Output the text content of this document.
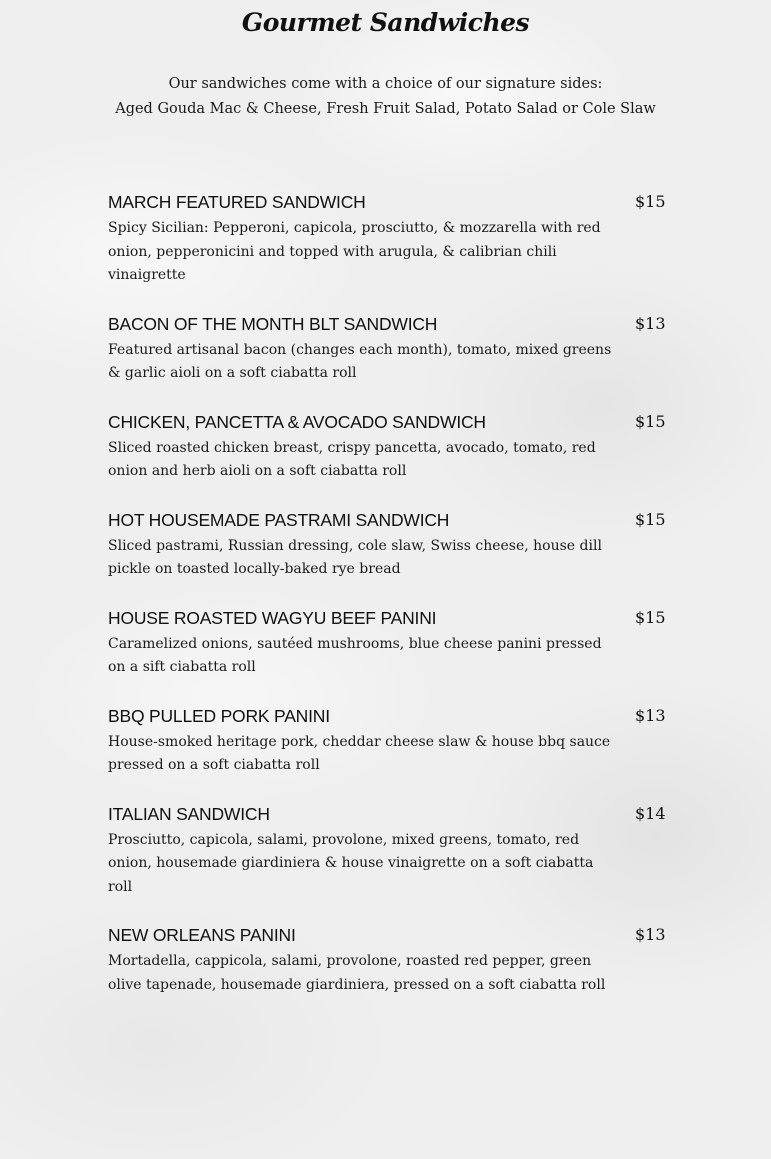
Gourmet Sandwiches
Our sandwiches come with a choice of our signature sides:
Aged Gouda Mac & Cheese, Fresh Fruit Salad, Potato Salad or Cole Slaw
MARCH FEATURED SANDWICH	$15
Spicy Sicilian: Pepperoni, capicola, prosciutto, & mozzarella with red onion, pepperonicini and topped with arugula, & calibrian chili vinaigrette
BACON OF THE MONTH BLT SANDWICH	$13
Featured artisanal bacon (changes each month), tomato, mixed greens & garlic aioli on a soft ciabatta roll
CHICKEN, PANCETTA & AVOCADO SANDWICH	$15
Sliced roasted chicken breast, crispy pancetta, avocado, tomato, red onion and herb aioli on a soft ciabatta roll
HOT HOUSEMADE PASTRAMI SANDWICH	$15
Sliced pastrami, Russian dressing, cole slaw, Swiss cheese, house dill pickle on toasted locally-baked rye bread
HOUSE ROASTED WAGYU BEEF PANINI	$15
Caramelized onions, sautéed mushrooms, blue cheese panini pressed on a sift ciabatta roll
BBQ PULLED PORK PANINI	$13
House-smoked heritage pork, cheddar cheese slaw & house bbq sauce pressed on a soft ciabatta roll
ITALIAN SANDWICH	$14
Prosciutto, capicola, salami, provolone, mixed greens, tomato, red onion, housemade giardiniera & house vinaigrette on a soft ciabatta roll
NEW ORLEANS PANINI	$13
Mortadella, cappicola, salami, provolone, roasted red pepper, green olive tapenade, housemade giardiniera, pressed on a soft ciabatta roll
